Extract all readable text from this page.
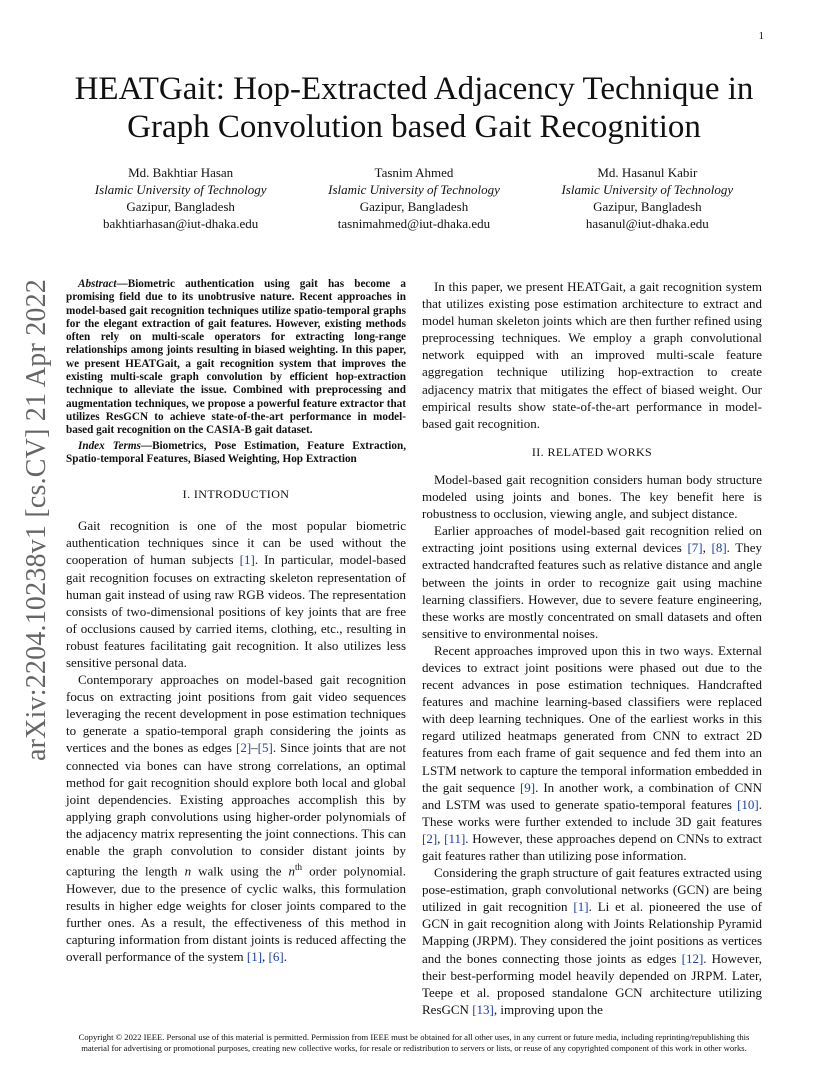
1
arXiv:2204.10238v1 [cs.CV] 21 Apr 2022
HEATGait: Hop-Extracted Adjacency Technique in Graph Convolution based Gait Recognition
Md. Bakhtiar Hasan
Islamic University of Technology
Gazipur, Bangladesh
bakhtiarhasan@iut-dhaka.edu
Tasnim Ahmed
Islamic University of Technology
Gazipur, Bangladesh
tasnimahmed@iut-dhaka.edu
Md. Hasanul Kabir
Islamic University of Technology
Gazipur, Bangladesh
hasanul@iut-dhaka.edu

Abstract—Biometric authentication using gait has become a promising field due to its unobtrusive nature. Recent approaches in model-based gait recognition techniques utilize spatio-temporal graphs for the elegant extraction of gait features. However, existing methods often rely on multi-scale operators for extracting long-range relationships among joints resulting in biased weighting. In this paper, we present HEATGait, a gait recognition system that improves the existing multi-scale graph convolution by efficient hop-extraction technique to alleviate the issue. Combined with preprocessing and augmentation techniques, we propose a powerful feature extractor that utilizes ResGCN to achieve state-of-the-art performance in model-based gait recognition on the CASIA-B gait dataset.

Index Terms—Biometrics, Pose Estimation, Feature Extraction, Spatio-temporal Features, Biased Weighting, Hop Extraction

I. INTRODUCTION

Gait recognition is one of the most popular biometric authentication techniques since it can be used without the cooperation of human subjects [1]. In particular, model-based gait recognition focuses on extracting skeleton representation of human gait instead of using raw RGB videos. The representation consists of two-dimensional positions of key joints that are free of occlusions caused by carried items, clothing, etc., resulting in robust features facilitating gait recognition. It also utilizes less sensitive personal data.

Contemporary approaches on model-based gait recognition focus on extracting joint positions from gait video sequences leveraging the recent development in pose estimation techniques to generate a spatio-temporal graph considering the joints as vertices and the bones as edges [2]–[5]. Since joints that are not connected via bones can have strong correlations, an optimal method for gait recognition should explore both local and global joint dependencies. Existing approaches accomplish this by applying graph convolutions using higher-order polynomials of the adjacency matrix representing the joint connections. This can enable the graph convolution to consider distant joints by capturing the length n walk using the $n^{th}$ order polynomial. However, due to the presence of cyclic walks, this formulation results in higher edge weights for closer joints compared to the further ones. As a result, the effectiveness of this method in capturing information from distant joints is reduced affecting the overall performance of the system [1], [6].

In this paper, we present HEATGait, a gait recognition system that utilizes existing pose estimation architecture to extract and model human skeleton joints which are then further refined using preprocessing techniques. We employ a graph convolutional network equipped with an improved multi-scale feature aggregation technique utilizing hop-extraction to create adjacency matrix that mitigates the effect of biased weight. Our empirical results show state-of-the-art performance in model-based gait recognition.

II. RELATED WORKS

Model-based gait recognition considers human body structure modeled using joints and bones. The key benefit here is robustness to occlusion, viewing angle, and subject distance.

Earlier approaches of model-based gait recognition relied on extracting joint positions using external devices [7], [8]. They extracted handcrafted features such as relative distance and angle between the joints in order to recognize gait using machine learning classifiers. However, due to severe feature engineering, these works are mostly concentrated on small datasets and often sensitive to environmental noises.

Recent approaches improved upon this in two ways. External devices to extract joint positions were phased out due to the recent advances in pose estimation techniques. Handcrafted features and machine learning-based classifiers were replaced with deep learning techniques. One of the earliest works in this regard utilized heatmaps generated from CNN to extract 2D features from each frame of gait sequence and fed them into an LSTM network to capture the temporal information embedded in the gait sequence [9]. In another work, a combination of CNN and LSTM was used to generate spatio-temporal features [10]. These works were further extended to include 3D gait features [2], [11]. However, these approaches depend on CNNs to extract gait features rather than utilizing pose information.

Considering the graph structure of gait features extracted using pose-estimation, graph convolutional networks (GCN) are being utilized in gait recognition [1]. Li et al. pioneered the use of GCN in gait recognition along with Joints Relationship Pyramid Mapping (JRPM). They considered the joint positions as vertices and the bones connecting those joints as edges [12]. However, their best-performing model heavily depended on JRPM. Later, Teepe et al. proposed standalone GCN architecture utilizing ResGCN [13], improving upon the

Copyright © 2022 IEEE. Personal use of this material is permitted. Permission from IEEE must be obtained for all other uses, in any current or future media, including reprinting/republishing this material for advertising or promotional purposes, creating new collective works, for resale or redistribution to servers or lists, or reuse of any copyrighted component of this work in other works.
